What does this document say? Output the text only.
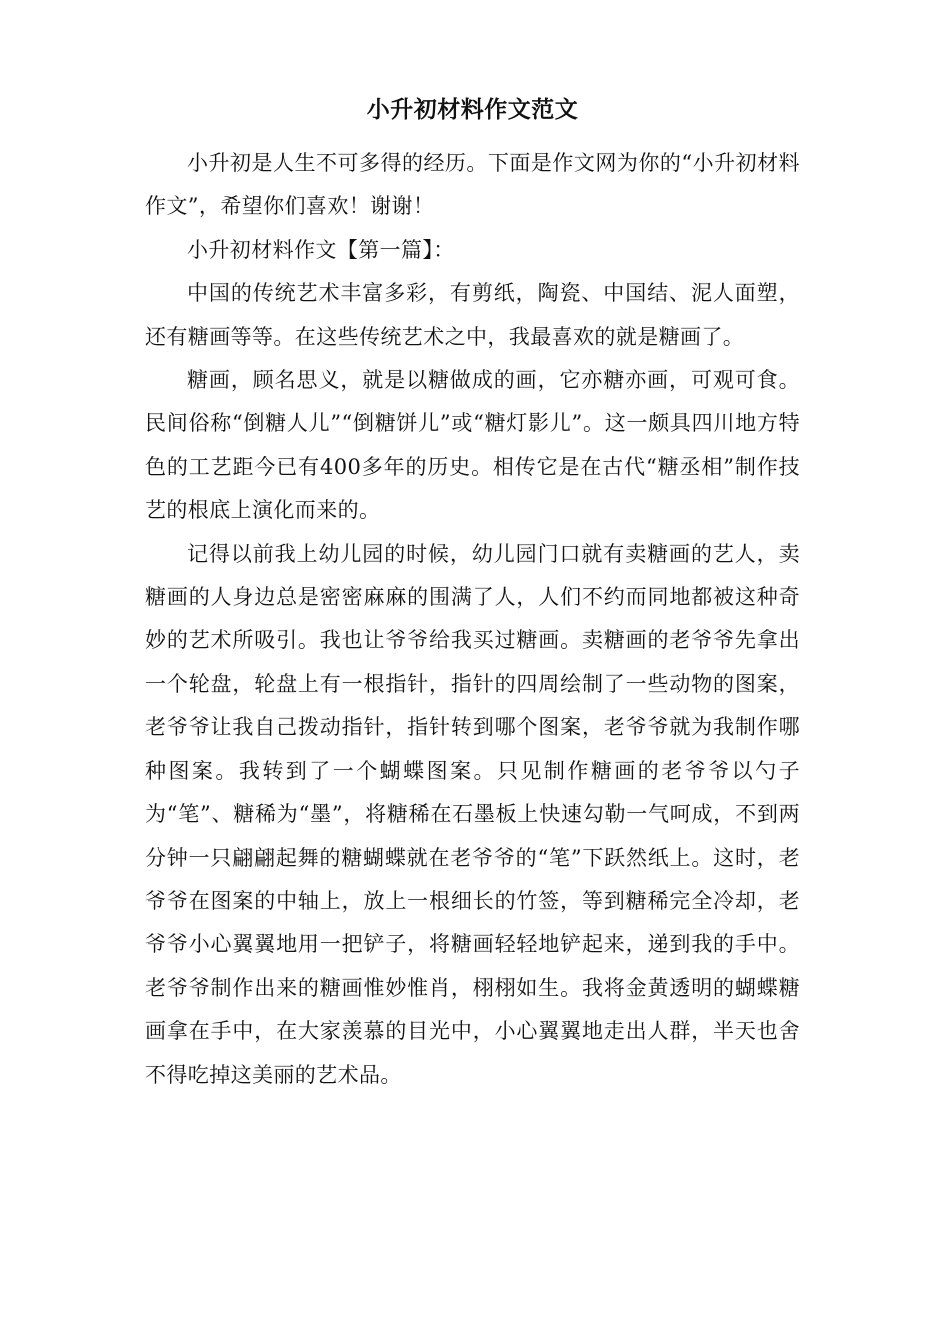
小升初材料作文范文

小升初是人生不可多得的经历。下面是作文网为你的“小升初材料作文”，希望你们喜欢！谢谢！

小升初材料作文【第一篇】：

中国的传统艺术丰富多彩，有剪纸，陶瓷、中国结、泥人面塑，还有糖画等等。在这些传统艺术之中，我最喜欢的就是糖画了。

糖画，顾名思义，就是以糖做成的画，它亦糖亦画，可观可食。民间俗称“倒糖人儿”“倒糖饼儿”或“糖灯影儿”。这一颇具四川地方特色的工艺距今已有400多年的历史。相传它是在古代“糖丞相”制作技艺的根底上演化而来的。

记得以前我上幼儿园的时候，幼儿园门口就有卖糖画的艺人，卖糖画的人身边总是密密麻麻的围满了人，人们不约而同地都被这种奇妙的艺术所吸引。我也让爷爷给我买过糖画。卖糖画的老爷爷先拿出一个轮盘，轮盘上有一根指针，指针的四周绘制了一些动物的图案，老爷爷让我自己拨动指针，指针转到哪个图案，老爷爷就为我制作哪种图案。我转到了一个蝴蝶图案。只见制作糖画的老爷爷以勺子为“笔”、糖稀为“墨”，将糖稀在石墨板上快速勾勒一气呵成，不到两分钟一只翩翩起舞的糖蝴蝶就在老爷爷的“笔”下跃然纸上。这时，老爷爷在图案的中轴上，放上一根细长的竹签，等到糖稀完全冷却，老爷爷小心翼翼地用一把铲子，将糖画轻轻地铲起来，递到我的手中。老爷爷制作出来的糖画惟妙惟肖，栩栩如生。我将金黄透明的蝴蝶糖画拿在手中，在大家羡慕的目光中，小心翼翼地走出人群，半天也舍不得吃掉这美丽的艺术品。
